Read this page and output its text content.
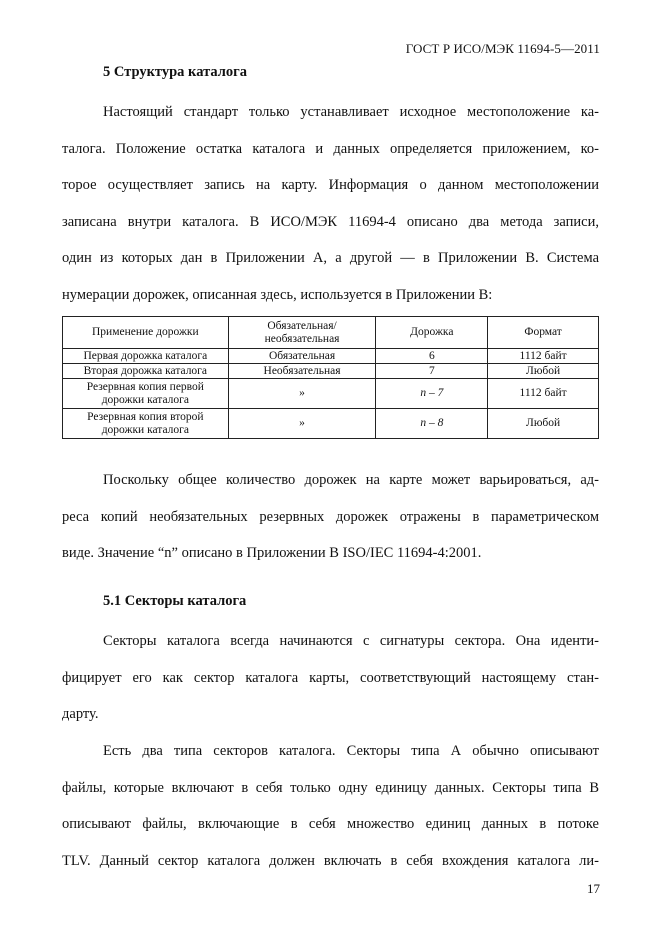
ГОСТ Р ИСО/МЭК 11694-5—2011
5 Структура каталога
Настоящий стандарт только устанавливает исходное местоположение ка-
талога. Положение остатка каталога и данных определяется приложением, ко-
торое осуществляет запись на карту. Информация о данном местоположении
записана внутри каталога. В ИСО/МЭК 11694-4 описано два метода записи,
один из которых дан в Приложении А, а другой — в Приложении В. Система
нумерации дорожек, описанная здесь, используется в Приложении В:
Применение дорожки	Обязательная/
необязательная	Дорожка	Формат
Первая дорожка каталога	Обязательная	6	1112 байт
Вторая дорожка каталога	Необязательная	7	Любой
Резервная копия первой дорожки каталога	»	n – 7	1112 байт
Резервная копия второй дорожки каталога	»	n – 8	Любой
Поскольку общее количество дорожек на карте может варьироваться, ад-
реса копий необязательных резервных дорожек отражены в параметрическом
виде. Значение “n” описано в Приложении В ISO/IEC 11694-4:2001.
5.1 Секторы каталога
Секторы каталога всегда начинаются с сигнатуры сектора. Она иденти-
фицирует его как сектор каталога карты, соответствующий настоящему стан-
дарту.
Есть два типа секторов каталога. Секторы типа А обычно описывают
файлы, которые включают в себя только одну единицу данных. Секторы типа В
описывают файлы, включающие в себя множество единиц данных в потоке
TLV. Данный сектор каталога должен включать в себя вхождения каталога ли-
17
